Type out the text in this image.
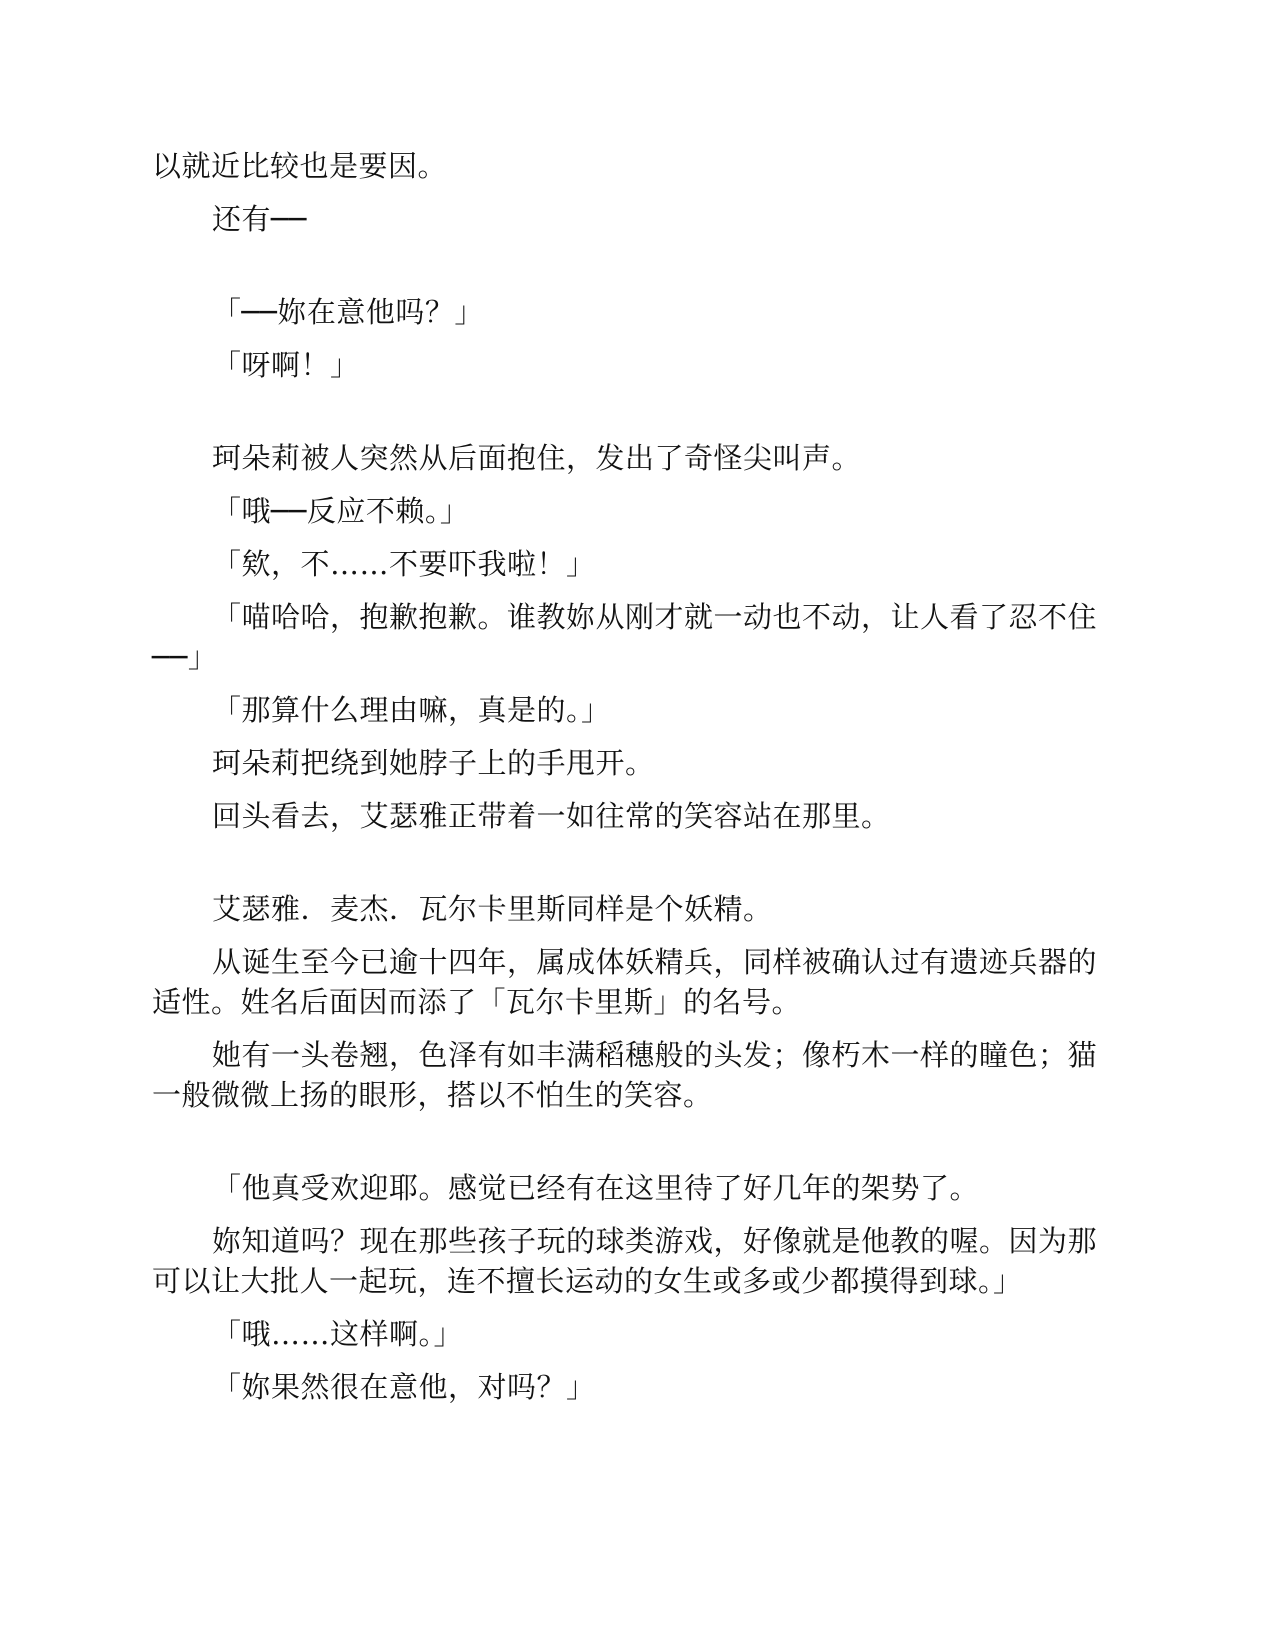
以就近比较也是要因。

还有──

「──妳在意他吗？」

「呀啊！」

珂朵莉被人突然从后面抱住，发出了奇怪尖叫声。

「哦──反应不赖。」

「欸，不……不要吓我啦！」

「喵哈哈，抱歉抱歉。谁教妳从刚才就一动也不动，让人看了忍不住──」

「那算什么理由嘛，真是的。」

珂朵莉把绕到她脖子上的手甩开。

回头看去，艾瑟雅正带着一如往常的笑容站在那里。

艾瑟雅．麦杰．瓦尔卡里斯同样是个妖精。

从诞生至今已逾十四年，属成体妖精兵，同样被确认过有遗迹兵器的适性。姓名后面因而添了「瓦尔卡里斯」的名号。

她有一头卷翘，色泽有如丰满稻穗般的头发；像朽木一样的瞳色；猫一般微微上扬的眼形，搭以不怕生的笑容。

「他真受欢迎耶。感觉已经有在这里待了好几年的架势了。

妳知道吗？现在那些孩子玩的球类游戏，好像就是他教的喔。因为那可以让大批人一起玩，连不擅长运动的女生或多或少都摸得到球。」

「哦……这样啊。」

「妳果然很在意他，对吗？」
